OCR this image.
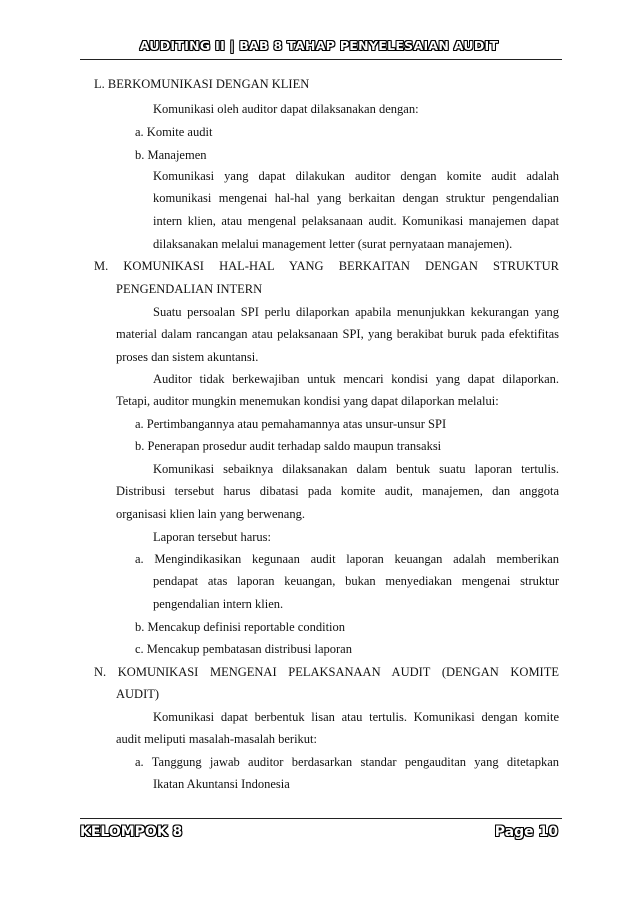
AUDITING II | BAB 8 TAHAP PENYELESAIAN AUDIT
L. BERKOMUNIKASI DENGAN KLIEN
Komunikasi oleh auditor dapat dilaksanakan dengan:
a. Komite audit
b. Manajemen
Komunikasi yang dapat dilakukan auditor dengan komite audit adalah
komunikasi mengenai hal-hal yang berkaitan dengan struktur pengendalian
intern klien, atau mengenal pelaksanaan audit. Komunikasi manajemen dapat
dilaksanakan melalui management letter (surat pernyataan manajemen).
M. KOMUNIKASI HAL-HAL YANG BERKAITAN DENGAN STRUKTUR
PENGENDALIAN INTERN
Suatu persoalan SPI perlu dilaporkan apabila menunjukkan kekurangan yang
material dalam rancangan atau pelaksanaan SPI, yang berakibat buruk pada efektifitas
proses dan sistem akuntansi.
Auditor tidak berkewajiban untuk mencari kondisi yang dapat dilaporkan.
Tetapi, auditor mungkin menemukan kondisi yang dapat dilaporkan melalui:
a. Pertimbangannya atau pemahamannya atas unsur-unsur SPI
b. Penerapan prosedur audit terhadap saldo maupun transaksi
Komunikasi sebaiknya dilaksanakan dalam bentuk suatu laporan tertulis.
Distribusi tersebut harus dibatasi pada komite audit, manajemen, dan anggota
organisasi klien lain yang berwenang.
Laporan tersebut harus:
a. Mengindikasikan kegunaan audit laporan keuangan adalah memberikan
pendapat atas laporan keuangan, bukan menyediakan mengenai struktur
pengendalian intern klien.
b. Mencakup definisi reportable condition
c. Mencakup pembatasan distribusi laporan
N. KOMUNIKASI MENGENAI PELAKSANAAN AUDIT (DENGAN KOMITE
AUDIT)
Komunikasi dapat berbentuk lisan atau tertulis. Komunikasi dengan komite
audit meliputi masalah-masalah berikut:
a. Tanggung jawab auditor berdasarkan standar pengauditan yang ditetapkan
Ikatan Akuntansi Indonesia
KELOMPOK 8	Page 10
